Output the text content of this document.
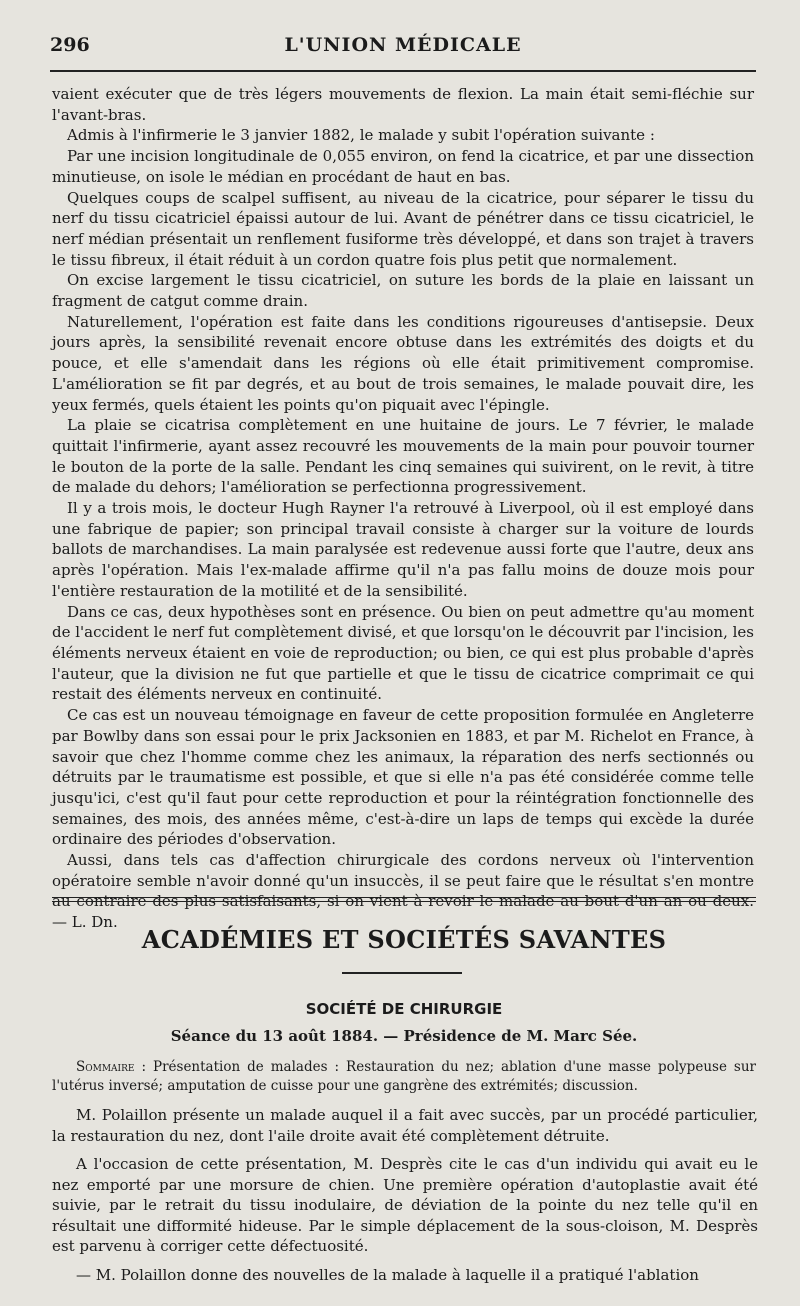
296	L'UNION MÉDICALE

vaient exécuter que de très légers mouvements de flexion. La main était semi-fléchie sur l'avant-bras.

Admis à l'infirmerie le 3 janvier 1882, le malade y subit l'opération suivante :

Par une incision longitudinale de 0,055 environ, on fend la cicatrice, et par une dissection minutieuse, on isole le médian en procédant de haut en bas.

Quelques coups de scalpel suffisent, au niveau de la cicatrice, pour séparer le tissu du nerf du tissu cicatriciel épaissi autour de lui. Avant de pénétrer dans ce tissu cicatriciel, le nerf médian présentait un renflement fusiforme très développé, et dans son trajet à travers le tissu fibreux, il était réduit à un cordon quatre fois plus petit que normalement.

On excise largement le tissu cicatriciel, on suture les bords de la plaie en laissant un fragment de catgut comme drain.

Naturellement, l'opération est faite dans les conditions rigoureuses d'antisepsie. Deux jours après, la sensibilité revenait encore obtuse dans les extrémités des doigts et du pouce, et elle s'amendait dans les régions où elle était primitivement compromise. L'amélioration se fit par degrés, et au bout de trois semaines, le malade pouvait dire, les yeux fermés, quels étaient les points qu'on piquait avec l'épingle.

La plaie se cicatrisa complètement en une huitaine de jours. Le 7 février, le malade quittait l'infirmerie, ayant assez recouvré les mouvements de la main pour pouvoir tourner le bouton de la porte de la salle. Pendant les cinq semaines qui suivirent, on le revit, à titre de malade du dehors; l'amélioration se perfectionna progressivement.

Il y a trois mois, le docteur Hugh Rayner l'a retrouvé à Liverpool, où il est employé dans une fabrique de papier; son principal travail consiste à charger sur la voiture de lourds ballots de marchandises. La main paralysée est redevenue aussi forte que l'autre, deux ans après l'opération. Mais l'ex-malade affirme qu'il n'a pas fallu moins de douze mois pour l'entière restauration de la motilité et de la sensibilité.

Dans ce cas, deux hypothèses sont en présence. Ou bien on peut admettre qu'au moment de l'accident le nerf fut complètement divisé, et que lorsqu'on le découvrit par l'incision, les éléments nerveux étaient en voie de reproduction; ou bien, ce qui est plus probable d'après l'auteur, que la division ne fut que partielle et que le tissu de cicatrice comprimait ce qui restait des éléments nerveux en continuité.

Ce cas est un nouveau témoignage en faveur de cette proposition formulée en Angleterre par Bowlby dans son essai pour le prix Jacksonien en 1883, et par M. Richelot en France, à savoir que chez l'homme comme chez les animaux, la réparation des nerfs sectionnés ou détruits par le traumatisme est possible, et que si elle n'a pas été considérée comme telle jusqu'ici, c'est qu'il faut pour cette reproduction et pour la réintégration fonctionnelle des semaines, des mois, des années même, c'est-à-dire un laps de temps qui excède la durée ordinaire des périodes d'observation.

Aussi, dans tels cas d'affection chirurgicale des cordons nerveux où l'intervention opératoire semble n'avoir donné qu'un insuccès, il se peut faire que le résultat s'en montre au contraire des plus satisfaisants, si on vient à revoir le malade au bout d'un an ou deux. — L. Dn.

ACADÉMIES ET SOCIÉTÉS SAVANTES
SOCIÉTÉ DE CHIRURGIE
Séance du 13 août 1884. — Présidence de M. Marc Sée.

Sommaire : Présentation de malades : Restauration du nez; ablation d'une masse polypeuse sur l'utérus inversé; amputation de cuisse pour une gangrène des extrémités; discussion.

M. Polaillon présente un malade auquel il a fait avec succès, par un procédé particulier, la restauration du nez, dont l'aile droite avait été complètement détruite.

A l'occasion de cette présentation, M. Desprès cite le cas d'un individu qui avait eu le nez emporté par une morsure de chien. Une première opération d'autoplastie avait été suivie, par le retrait du tissu inodulaire, de déviation de la pointe du nez telle qu'il en résultait une difformité hideuse. Par le simple déplacement de la sous-cloison, M. Desprès est parvenu à corriger cette défectuosité.

— M. Polaillon donne des nouvelles de la malade à laquelle il a pratiqué l'ablation
